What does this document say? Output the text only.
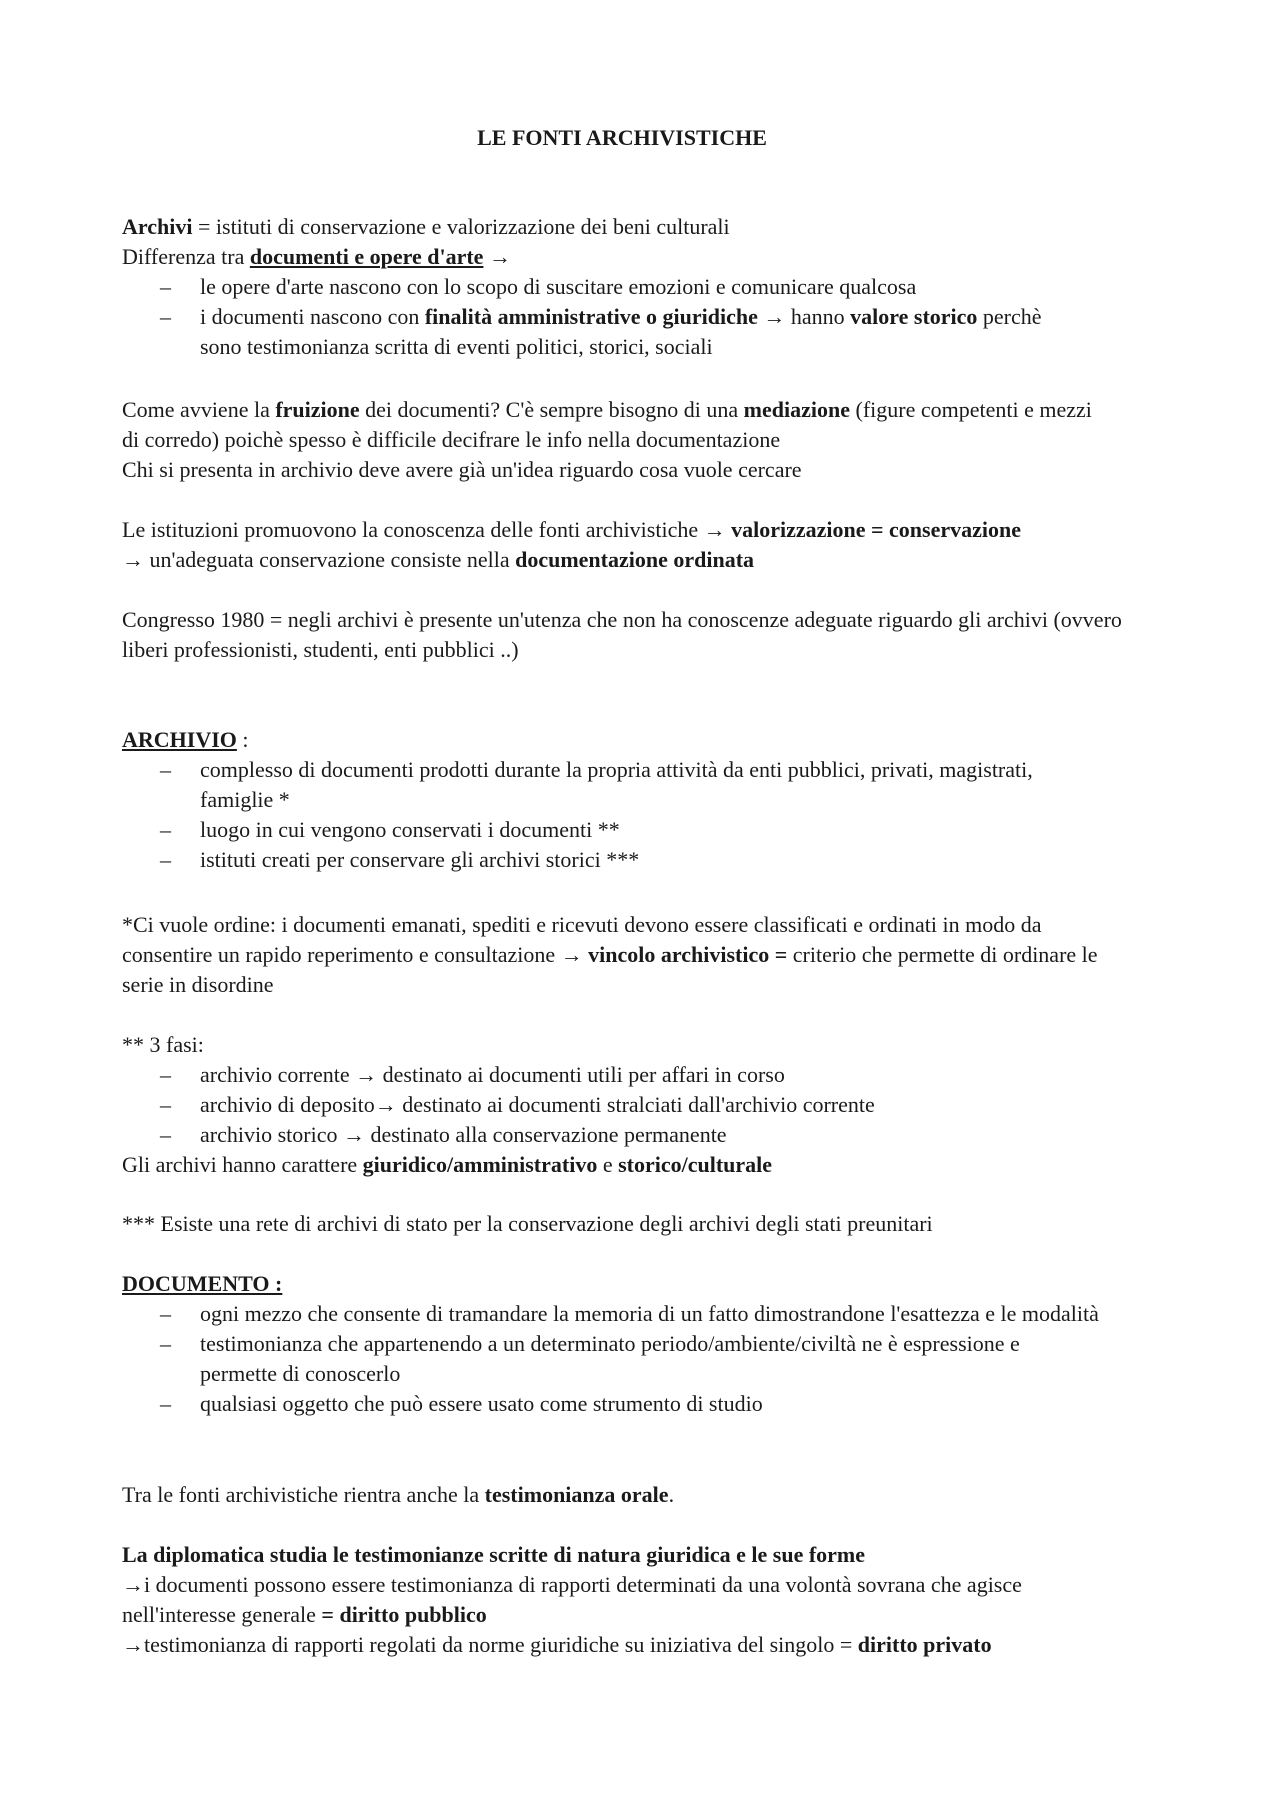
LE FONTI ARCHIVISTICHE
Archivi = istituti di conservazione e valorizzazione dei beni culturali
Differenza tra documenti e opere d'arte →
– le opere d'arte nascono con lo scopo di suscitare emozioni e comunicare qualcosa
– i documenti nascono con finalità amministrative o giuridiche → hanno valore storico perchè sono testimonianza scritta di eventi politici, storici, sociali
Come avviene la fruizione dei documenti? C'è sempre bisogno di una mediazione (figure competenti e mezzi di corredo) poichè spesso è difficile decifrare le info nella documentazione
Chi si presenta in archivio deve avere già un'idea riguardo cosa vuole cercare
Le istituzioni promuovono la conoscenza delle fonti archivistiche → valorizzazione = conservazione → un'adeguata conservazione consiste nella documentazione ordinata
Congresso 1980 = negli archivi è presente un'utenza che non ha conoscenze adeguate riguardo gli archivi (ovvero liberi professionisti, studenti, enti pubblici ..)
ARCHIVIO :
– complesso di documenti prodotti durante la propria attività da enti pubblici, privati, magistrati, famiglie *
– luogo in cui vengono conservati i documenti **
– istituti creati per conservare gli archivi storici ***
*Ci vuole ordine: i documenti emanati, spediti e ricevuti devono essere classificati e ordinati in modo da consentire un rapido reperimento e consultazione → vincolo archivistico = criterio che permette di ordinare le serie in disordine
** 3 fasi:
– archivio corrente → destinato ai documenti utili per affari in corso
– archivio di deposito→ destinato ai documenti stralciati dall'archivio corrente
– archivio storico → destinato alla conservazione permanente
Gli archivi hanno carattere giuridico/amministrativo e storico/culturale
*** Esiste una rete di archivi di stato per la conservazione degli archivi degli stati preunitari
DOCUMENTO :
– ogni mezzo che consente di tramandare la memoria di un fatto dimostrandone l'esattezza e le modalità
– testimonianza che appartenendo a un determinato periodo/ambiente/civiltà ne è espressione e permette di conoscerlo
– qualsiasi oggetto che può essere usato come strumento di studio
Tra le fonti archivistiche rientra anche la testimonianza orale.
La diplomatica studia le testimonianze scritte di natura giuridica e le sue forme
→i documenti possono essere testimonianza di rapporti determinati da una volontà sovrana che agisce nell'interesse generale = diritto pubblico
→testimonianza di rapporti regolati da norme giuridiche su iniziativa del singolo = diritto privato
